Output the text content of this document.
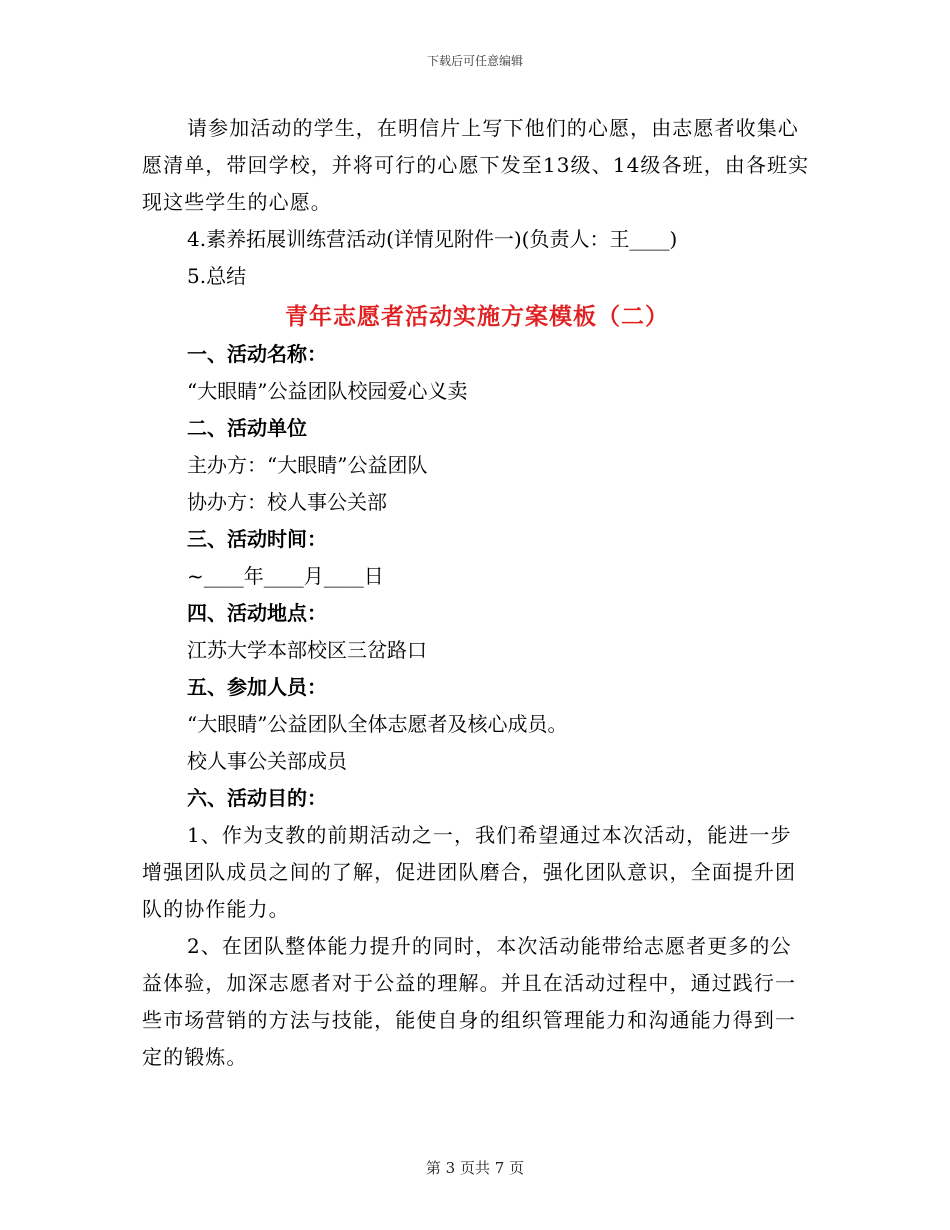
下载后可任意编辑

请参加活动的学生，在明信片上写下他们的心愿，由志愿者收集心愿清单，带回学校，并将可行的心愿下发至13级、14级各班，由各班实现这些学生的心愿。

4.素养拓展训练营活动(详情见附件一)(负责人：王____)

5.总结

青年志愿者活动实施方案模板（二）

一、活动名称：

“大眼睛”公益团队校园爱心义卖

二、活动单位

主办方：“大眼睛”公益团队

协办方：校人事公关部

三、活动时间：

~____年____月____日

四、活动地点：

江苏大学本部校区三岔路口

五、参加人员：

“大眼睛”公益团队全体志愿者及核心成员。

校人事公关部成员

六、活动目的：

1、作为支教的前期活动之一，我们希望通过本次活动，能进一步增强团队成员之间的了解，促进团队磨合，强化团队意识，全面提升团队的协作能力。

2、在团队整体能力提升的同时，本次活动能带给志愿者更多的公益体验，加深志愿者对于公益的理解。并且在活动过程中，通过践行一些市场营销的方法与技能，能使自身的组织管理能力和沟通能力得到一定的锻炼。

第 3 页共 7 页
